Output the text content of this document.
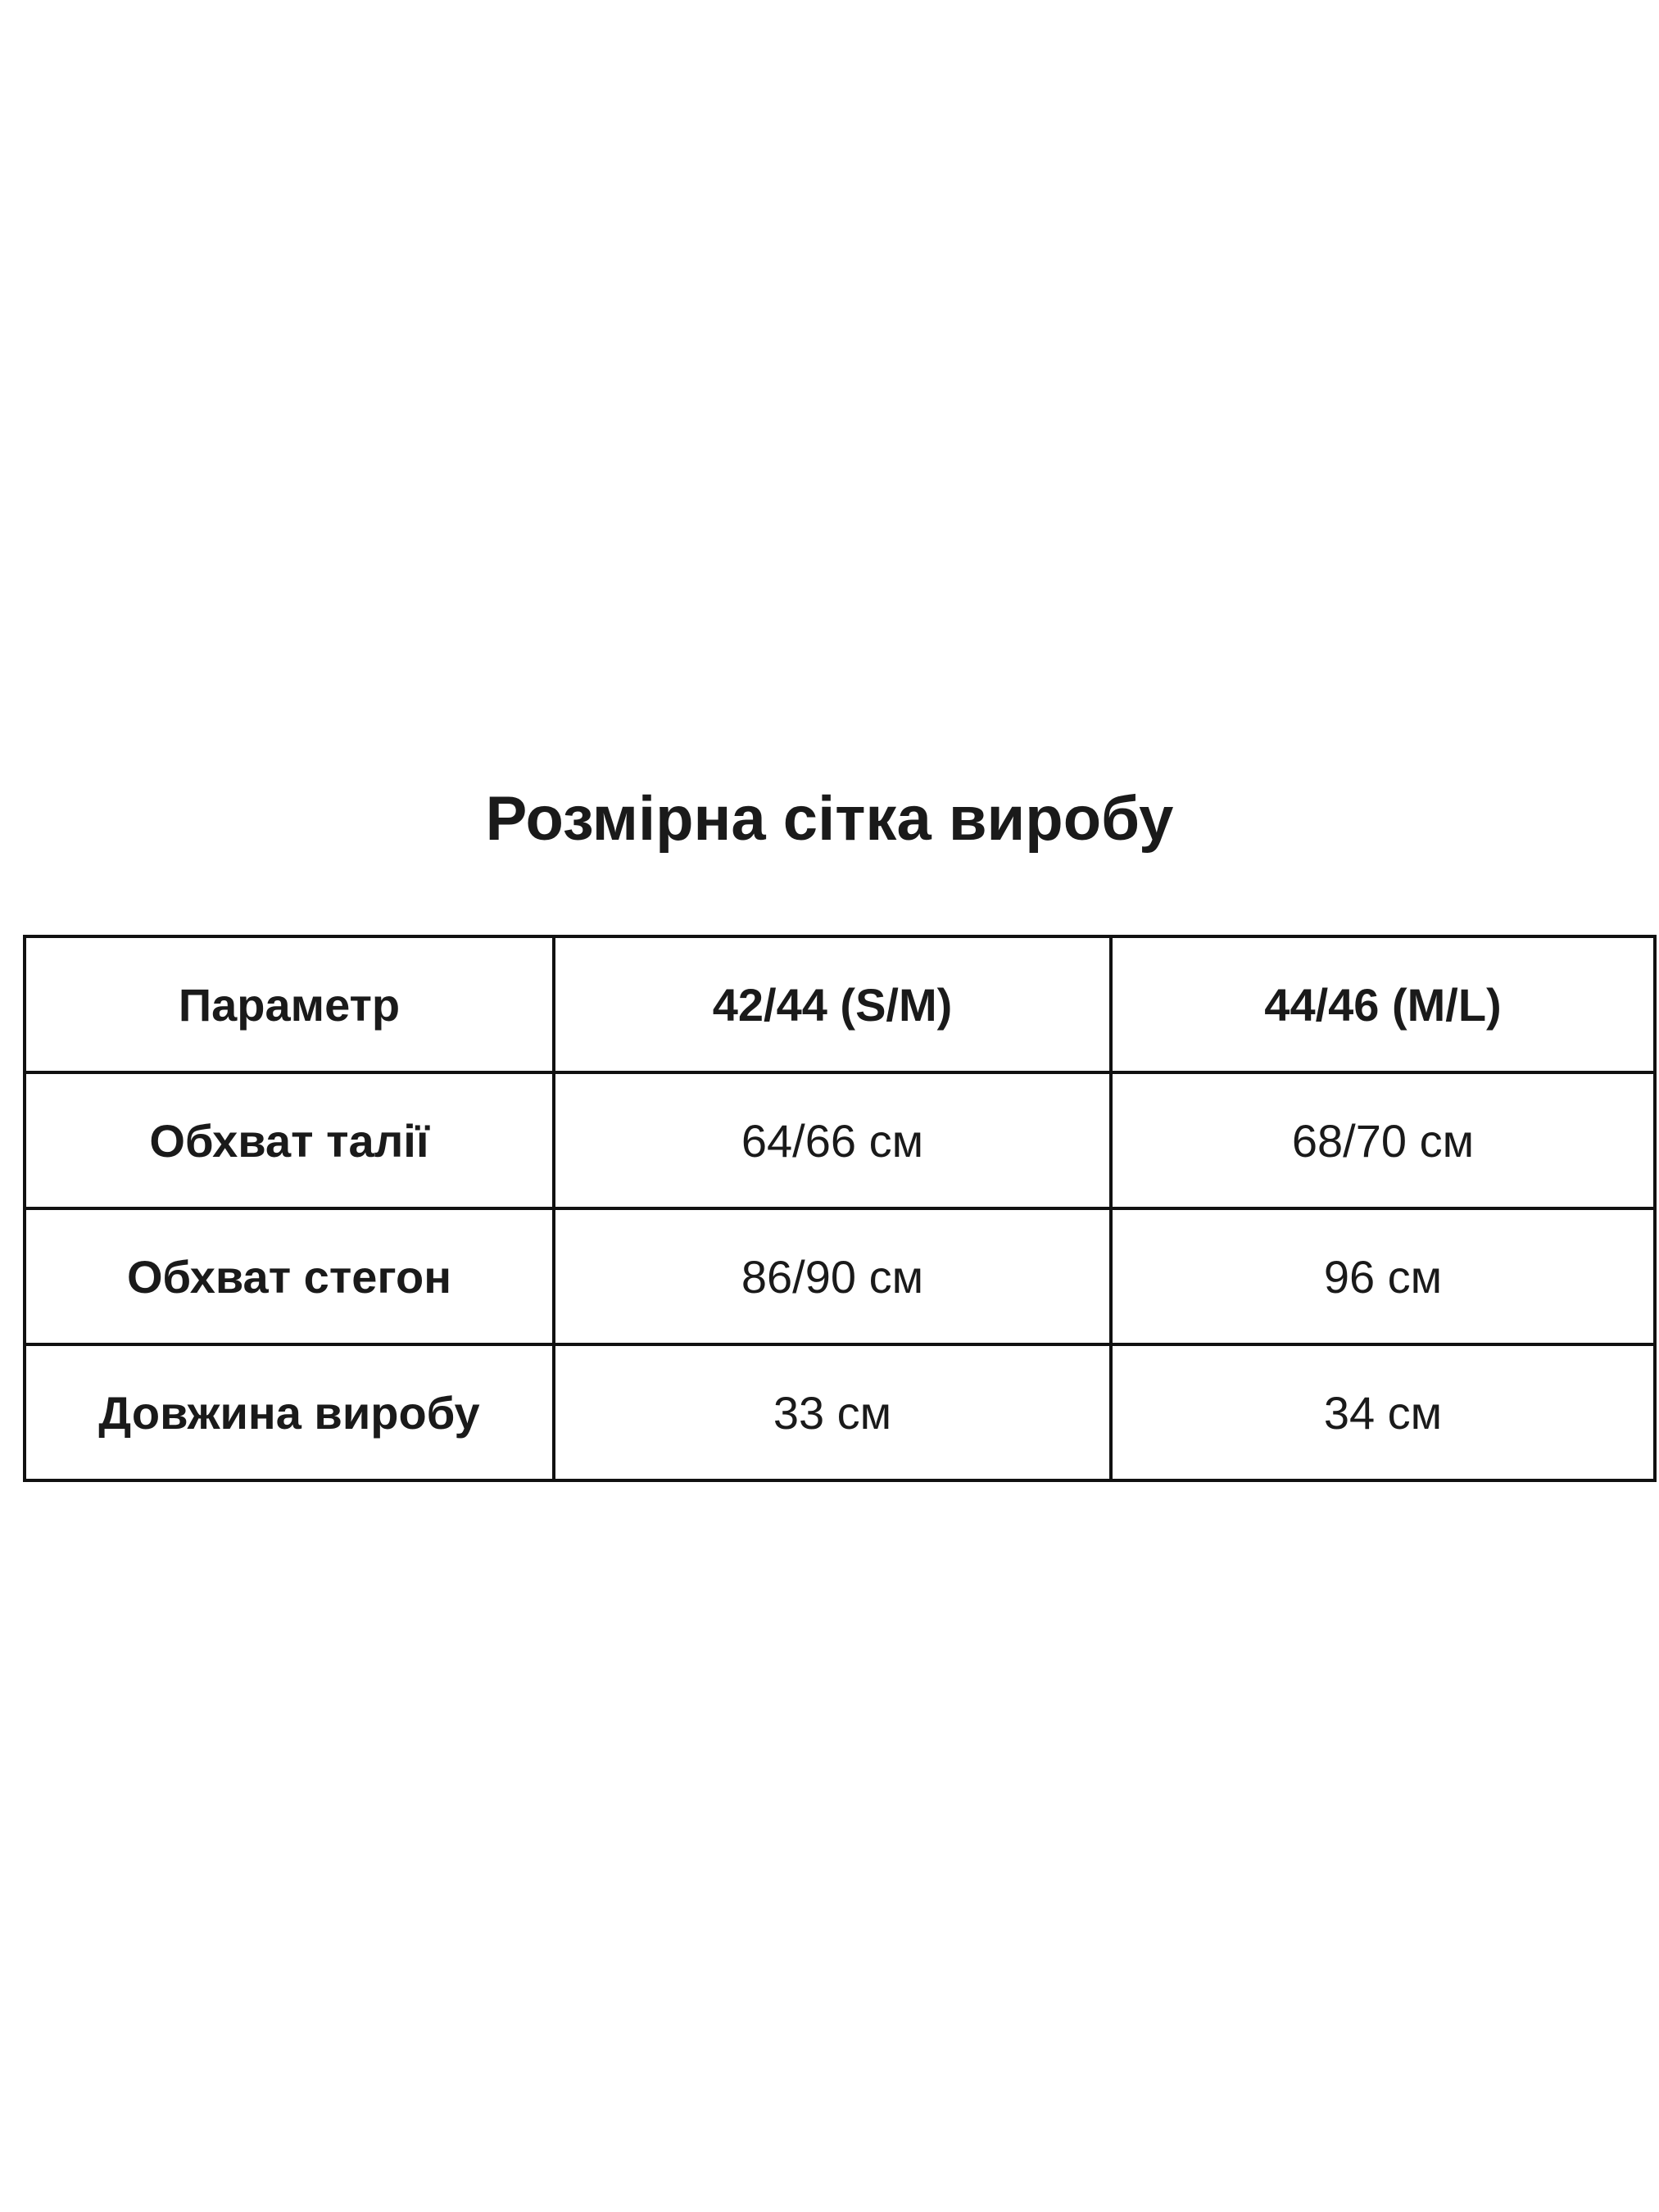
Розмірна сітка виробу
Параметр	42/44 (S/M)	44/46 (M/L)
Обхват талії	64/66 см	68/70 см
Обхват стегон	86/90 см	96 см
Довжина виробу	33 см	34 см
